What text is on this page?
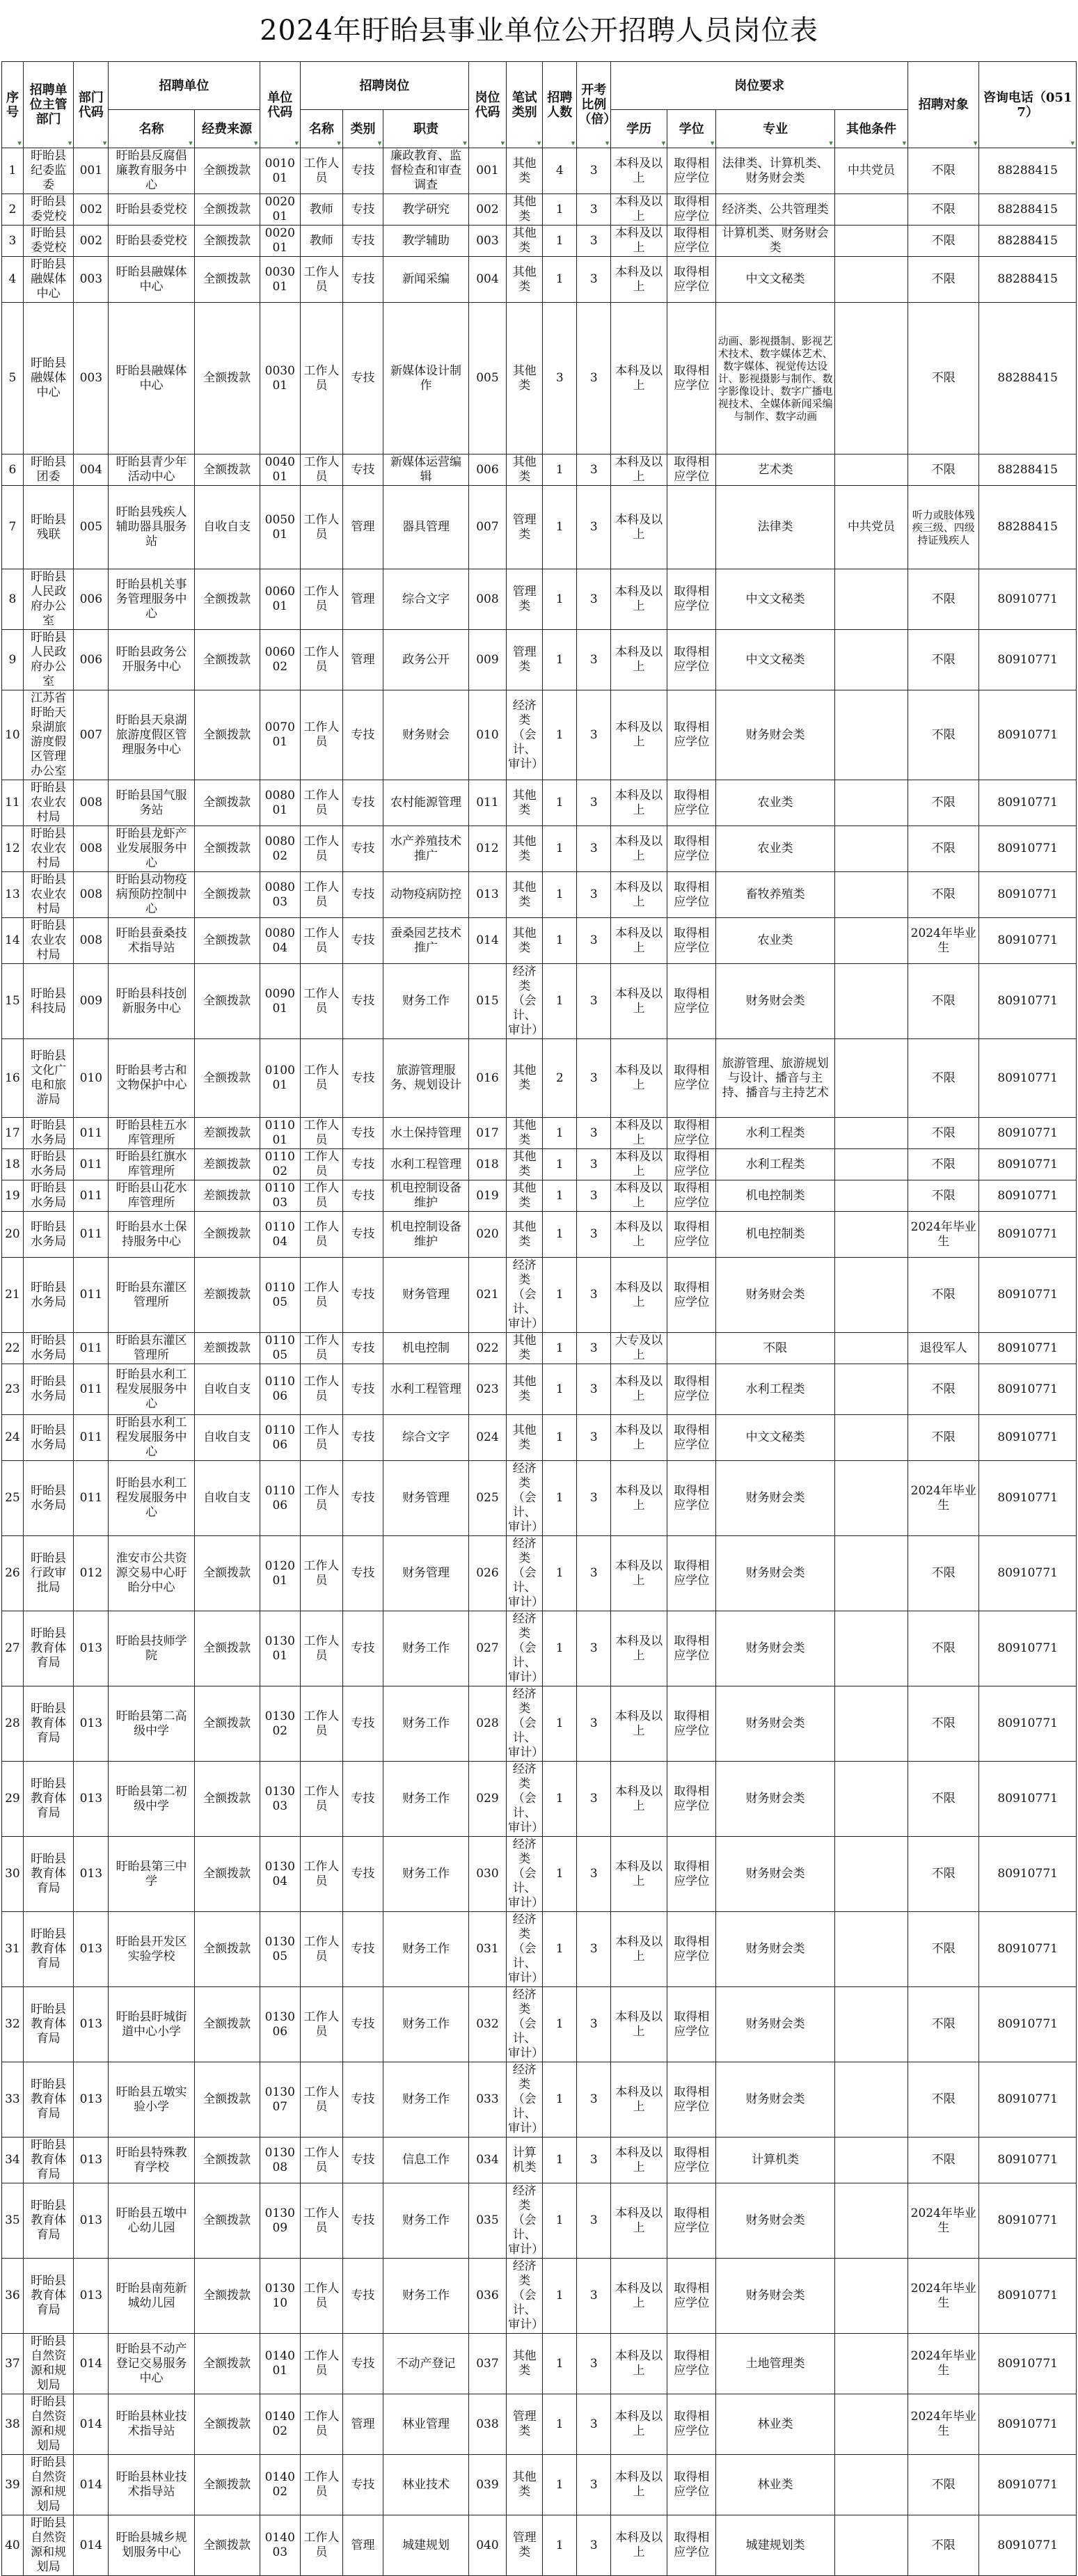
2024年盱眙县事业单位公开招聘人员岗位表
序号 ▾	招聘单位主管部门 ▾	部门代码 ▾	招聘单位		单位代码 ▾	招聘岗位			岗位代码 ▾	笔试类别 ▾	招聘人数 ▾	开考比例（倍） ▾	岗位要求				招聘对象 ▾	咨询电话（0517） ▾
			名称 ▾	经费来源 ▾		名称 ▾	类别 ▾	职责 ▾					学历 ▾	学位 ▾	专业 ▾	其他条件 ▾
1	盱眙县纪委监委	001	盱眙县反腐倡廉教育服务中心	全额拨款	001001	工作人员	专技	廉政教育、监督检查和审查调查	001	其他类	4	3	本科及以上	取得相应学位	法律类、计算机类、财务财会类	中共党员	不限	88288415
2	盱眙县委党校	002	盱眙县委党校	全额拨款	002001	教师	专技	教学研究	002	其他类	1	3	本科及以上	取得相应学位	经济类、公共管理类		不限	88288415
3	盱眙县委党校	002	盱眙县委党校	全额拨款	002001	教师	专技	教学辅助	003	其他类	1	3	本科及以上	取得相应学位	计算机类、财务财会类		不限	88288415
4	盱眙县融媒体中心	003	盱眙县融媒体中心	全额拨款	003001	工作人员	专技	新闻采编	004	其他类	1	3	本科及以上	取得相应学位	中文文秘类		不限	88288415
5	盱眙县融媒体中心	003	盱眙县融媒体中心	全额拨款	003001	工作人员	专技	新媒体设计制作	005	其他类	3	3	本科及以上	取得相应学位	动画、影视摄制、影视艺术技术、数字媒体艺术、数字媒体、视觉传达设计、影视摄影与制作、数字影像设计、数字广播电视技术、全媒体新闻采编与制作、数字动画		不限	88288415
6	盱眙县团委	004	盱眙县青少年活动中心	全额拨款	004001	工作人员	专技	新媒体运营编辑	006	其他类	1	3	本科及以上	取得相应学位	艺术类		不限	88288415
7	盱眙县残联	005	盱眙县残疾人辅助器具服务站	自收自支	005001	工作人员	管理	器具管理	007	管理类	1	3	本科及以上		法律类	中共党员	听力或肢体残疾三级、四级持证残疾人	88288415
8	盱眙县人民政府办公室	006	盱眙县机关事务管理服务中心	全额拨款	006001	工作人员	管理	综合文字	008	管理类	1	3	本科及以上	取得相应学位	中文文秘类		不限	80910771
9	盱眙县人民政府办公室	006	盱眙县政务公开服务中心	全额拨款	006002	工作人员	管理	政务公开	009	管理类	1	3	本科及以上	取得相应学位	中文文秘类		不限	80910771
10	江苏省盱眙天泉湖旅游度假区管理办公室	007	盱眙县天泉湖旅游度假区管理服务中心	全额拨款	007001	工作人员	专技	财务财会	010	经济类（会计、审计）	1	3	本科及以上	取得相应学位	财务财会类		不限	80910771
11	盱眙县农业农村局	008	盱眙县国气服务站	全额拨款	008001	工作人员	专技	农村能源管理	011	其他类	1	3	本科及以上	取得相应学位	农业类		不限	80910771
12	盱眙县农业农村局	008	盱眙县龙虾产业发展服务中心	全额拨款	008002	工作人员	专技	水产养殖技术推广	012	其他类	1	3	本科及以上	取得相应学位	农业类		不限	80910771
13	盱眙县农业农村局	008	盱眙县动物疫病预防控制中心	全额拨款	008003	工作人员	专技	动物疫病防控	013	其他类	1	3	本科及以上	取得相应学位	畜牧养殖类		不限	80910771
14	盱眙县农业农村局	008	盱眙县蚕桑技术指导站	全额拨款	008004	工作人员	专技	蚕桑园艺技术推广	014	其他类	1	3	本科及以上	取得相应学位	农业类		2024年毕业生	80910771
15	盱眙县科技局	009	盱眙县科技创新服务中心	全额拨款	009001	工作人员	专技	财务工作	015	经济类（会计、审计）	1	3	本科及以上	取得相应学位	财务财会类		不限	80910771
16	盱眙县文化广电和旅游局	010	盱眙县考古和文物保护中心	全额拨款	010001	工作人员	专技	旅游管理服务、规划设计	016	其他类	2	3	本科及以上	取得相应学位	旅游管理、旅游规划与设计、播音与主持、播音与主持艺术		不限	80910771
17	盱眙县水务局	011	盱眙县桂五水库管理所	差额拨款	011001	工作人员	专技	水土保持管理	017	其他类	1	3	本科及以上	取得相应学位	水利工程类		不限	80910771
18	盱眙县水务局	011	盱眙县红旗水库管理所	差额拨款	011002	工作人员	专技	水利工程管理	018	其他类	1	3	本科及以上	取得相应学位	水利工程类		不限	80910771
19	盱眙县水务局	011	盱眙县山花水库管理所	差额拨款	011003	工作人员	专技	机电控制设备维护	019	其他类	1	3	本科及以上	取得相应学位	机电控制类		不限	80910771
20	盱眙县水务局	011	盱眙县水土保持服务中心	全额拨款	011004	工作人员	专技	机电控制设备维护	020	其他类	1	3	本科及以上	取得相应学位	机电控制类		2024年毕业生	80910771
21	盱眙县水务局	011	盱眙县东灌区管理所	差额拨款	011005	工作人员	专技	财务管理	021	经济类（会计、审计）	1	3	本科及以上	取得相应学位	财务财会类		不限	80910771
22	盱眙县水务局	011	盱眙县东灌区管理所	差额拨款	011005	工作人员	专技	机电控制	022	其他类	1	3	大专及以上		不限		退役军人	80910771
23	盱眙县水务局	011	盱眙县水利工程发展服务中心	自收自支	011006	工作人员	专技	水利工程管理	023	其他类	1	3	本科及以上	取得相应学位	水利工程类		不限	80910771
24	盱眙县水务局	011	盱眙县水利工程发展服务中心	自收自支	011006	工作人员	专技	综合文字	024	其他类	1	3	本科及以上	取得相应学位	中文文秘类		不限	80910771
25	盱眙县水务局	011	盱眙县水利工程发展服务中心	自收自支	011006	工作人员	专技	财务管理	025	经济类（会计、审计）	1	3	本科及以上	取得相应学位	财务财会类		2024年毕业生	80910771
26	盱眙县行政审批局	012	淮安市公共资源交易中心盱眙分中心	全额拨款	012001	工作人员	专技	财务管理	026	经济类（会计、审计）	1	3	本科及以上	取得相应学位	财务财会类		不限	80910771
27	盱眙县教育体育局	013	盱眙县技师学院	全额拨款	013001	工作人员	专技	财务工作	027	经济类（会计、审计）	1	3	本科及以上	取得相应学位	财务财会类		不限	80910771
28	盱眙县教育体育局	013	盱眙县第二高级中学	全额拨款	013002	工作人员	专技	财务工作	028	经济类（会计、审计）	1	3	本科及以上	取得相应学位	财务财会类		不限	80910771
29	盱眙县教育体育局	013	盱眙县第二初级中学	全额拨款	013003	工作人员	专技	财务工作	029	经济类（会计、审计）	1	3	本科及以上	取得相应学位	财务财会类		不限	80910771
30	盱眙县教育体育局	013	盱眙县第三中学	全额拨款	013004	工作人员	专技	财务工作	030	经济类（会计、审计）	1	3	本科及以上	取得相应学位	财务财会类		不限	80910771
31	盱眙县教育体育局	013	盱眙县开发区实验学校	全额拨款	013005	工作人员	专技	财务工作	031	经济类（会计、审计）	1	3	本科及以上	取得相应学位	财务财会类		不限	80910771
32	盱眙县教育体育局	013	盱眙县盱城街道中心小学	全额拨款	013006	工作人员	专技	财务工作	032	经济类（会计、审计）	1	3	本科及以上	取得相应学位	财务财会类		不限	80910771
33	盱眙县教育体育局	013	盱眙县五墩实验小学	全额拨款	013007	工作人员	专技	财务工作	033	经济类（会计、审计）	1	3	本科及以上	取得相应学位	财务财会类		不限	80910771
34	盱眙县教育体育局	013	盱眙县特殊教育学校	全额拨款	013008	工作人员	专技	信息工作	034	计算机类	1	3	本科及以上	取得相应学位	计算机类		不限	80910771
35	盱眙县教育体育局	013	盱眙县五墩中心幼儿园	全额拨款	013009	工作人员	专技	财务工作	035	经济类（会计、审计）	1	3	本科及以上	取得相应学位	财务财会类		2024年毕业生	80910771
36	盱眙县教育体育局	013	盱眙县南苑新城幼儿园	全额拨款	013010	工作人员	专技	财务工作	036	经济类（会计、审计）	1	3	本科及以上	取得相应学位	财务财会类		2024年毕业生	80910771
37	盱眙县自然资源和规划局	014	盱眙县不动产登记交易服务中心	全额拨款	014001	工作人员	专技	不动产登记	037	其他类	1	3	本科及以上	取得相应学位	土地管理类		2024年毕业生	80910771
38	盱眙县自然资源和规划局	014	盱眙县林业技术指导站	全额拨款	014002	工作人员	管理	林业管理	038	管理类	1	3	本科及以上	取得相应学位	林业类		2024年毕业生	80910771
39	盱眙县自然资源和规划局	014	盱眙县林业技术指导站	全额拨款	014002	工作人员	专技	林业技术	039	其他类	1	3	本科及以上	取得相应学位	林业类		不限	80910771
40	盱眙县自然资源和规划局	014	盱眙县城乡规划服务中心	全额拨款	014003	工作人员	管理	城建规划	040	管理类	1	3	本科及以上	取得相应学位	城建规划类		不限	80910771
